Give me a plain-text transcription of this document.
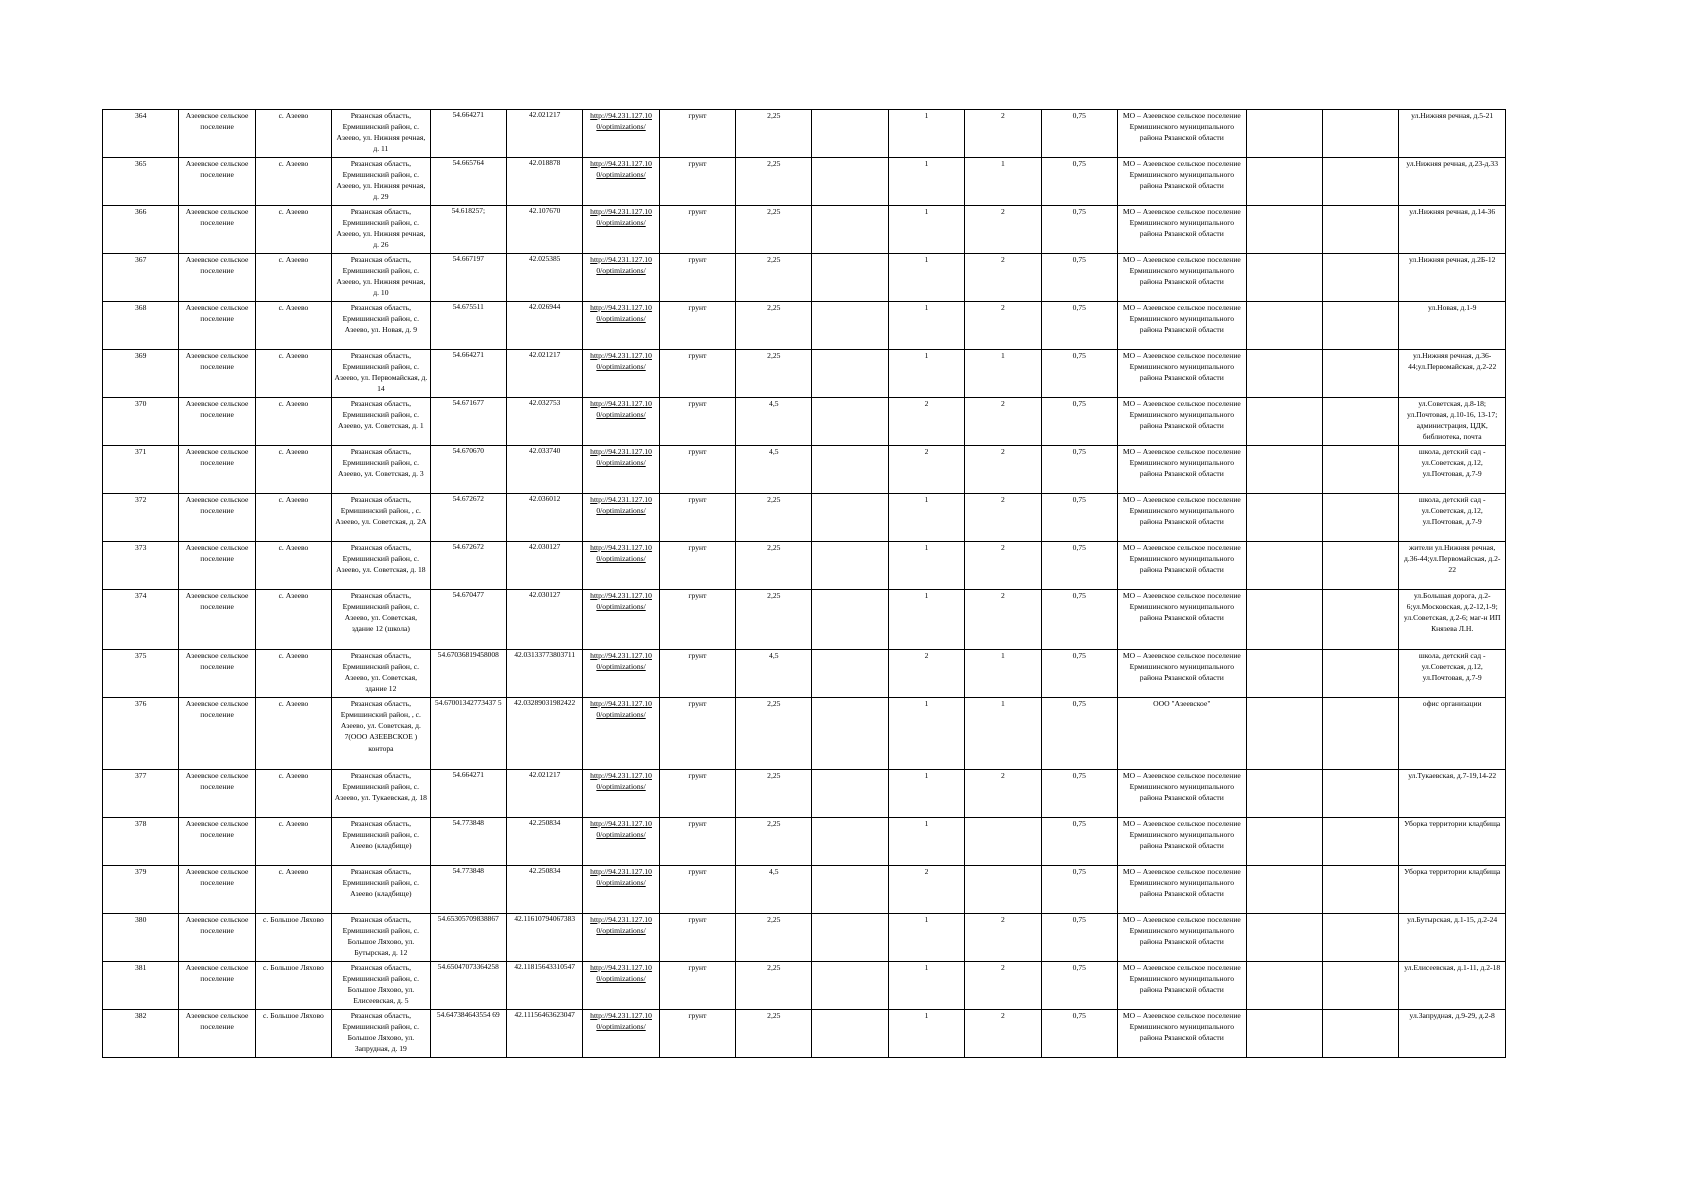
364	Азеевское сельское поселение	с. Азеево	Рязанская область, Ермишинский район, с. Азеево, ул. Нижняя речная, д. 11	54.664271	42.021217	http://94.231.127.10 0/optimizations/	грунт	2,25		1	2	0,75	МО – Азеевское сельское поселение Ермишинского муниципального района Рязанской области			ул.Нижняя речная, д.5-21
365	Азеевское сельское поселение	с. Азеево	Рязанская область, Ермишинский район, с. Азеево, ул. Нижняя речная, д. 29	54.665764	42.018878	http://94.231.127.10 0/optimizations/	грунт	2,25		1	1	0,75	МО – Азеевское сельское поселение Ермишинского муниципального района Рязанской области			ул.Нижняя речная, д.23-д.33
366	Азеевское сельское поселение	с. Азеево	Рязанская область, Ермишинский район, с. Азеево, ул. Нижняя речная, д. 26	54.618257;	42.107670	http://94.231.127.10 0/optimizations/	грунт	2,25		1	2	0,75	МО – Азеевское сельское поселение Ермишинского муниципального района Рязанской области			ул.Нижняя речная, д.14-36
367	Азеевское сельское поселение	с. Азеево	Рязанская область, Ермишинский район, с. Азеево, ул. Нижняя речная, д. 10	54.667197	42.025385	http://94.231.127.10 0/optimizations/	грунт	2,25		1	2	0,75	МО – Азеевское сельское поселение Ермишинского муниципального района Рязанской области			ул.Нижняя речная, д.2Б-12
368	Азеевское сельское поселение	с. Азеево	Рязанская область, Ермишинский район, с. Азеево, ул. Новая, д. 9	54.675511	42.026944	http://94.231.127.10 0/optimizations/	грунт	2,25		1	2	0,75	МО – Азеевское сельское поселение Ермишинского муниципального района Рязанской области			ул.Новая, д.1-9
369	Азеевское сельское поселение	с. Азеево	Рязанская область, Ермишинский район, с. Азеево, ул. Первомайская, д. 14	54.664271	42.021217	http://94.231.127.10 0/optimizations/	грунт	2,25		1	1	0,75	МО – Азеевское сельское поселение Ермишинского муниципального района Рязанской области			ул.Нижняя речная, д.36-44;ул.Первомайская, д.2-22
370	Азеевское сельское поселение	с. Азеево	Рязанская область, Ермишинский район, с. Азеево, ул. Советская, д. 1	54.671677	42.032753	http://94.231.127.10 0/optimizations/	грунт	4,5		2	2	0,75	МО – Азеевское сельское поселение Ермишинского муниципального района Рязанской области			ул.Советская, д.8-18; ул.Почтовая, д.10-16, 13-17; администрация, ЦДК, библиотека, почта
371	Азеевское сельское поселение	с. Азеево	Рязанская область, Ермишинский район, с. Азеево, ул. Советская, д. 3	54.670670	42.033740	http://94.231.127.10 0/optimizations/	грунт	4,5		2	2	0,75	МО – Азеевское сельское поселение Ермишинского муниципального района Рязанской области			школа, детский сад - ул.Советская, д.12, ул.Почтовая, д.7-9
372	Азеевское сельское поселение	с. Азеево	Рязанская область, Ермишинский район, , с. Азеево, ул. Советская, д. 2А	54.672672	42.036012	http://94.231.127.10 0/optimizations/	грунт	2,25		1	2	0,75	МО – Азеевское сельское поселение Ермишинского муниципального района Рязанской области			школа, детский сад - ул.Советская, д.12, ул.Почтовая, д.7-9
373	Азеевское сельское поселение	с. Азеево	Рязанская область, Ермишинский район, с. Азеево, ул. Советская, д. 18	54.672672	42.030127	http://94.231.127.10 0/optimizations/	грунт	2,25		1	2	0,75	МО – Азеевское сельское поселение Ермишинского муниципального района Рязанской области			жители ул.Нижняя речная, д.36-44;ул.Первомайская, д.2-22
374	Азеевское сельское поселение	с. Азеево	Рязанская область, Ермишинский район, с. Азеево, ул. Советская, здание 12 (школа)	54.670477	42.030127	http://94.231.127.10 0/optimizations/	грунт	2,25		1	2	0,75	МО – Азеевское сельское поселение Ермишинского муниципального района Рязанской области			ул.Большая дорога, д.2-6;ул.Московская, д.2-12,1-9; ул.Советская, д.2-6; маг-н ИП Князева Л.Н.
375	Азеевское сельское поселение	с. Азеево	Рязанская область, Ермишинский район, с. Азеево, ул. Советская, здание 12	54.67036819458008	42.03133773803711	http://94.231.127.10 0/optimizations/	грунт	4,5		2	1	0,75	МО – Азеевское сельское поселение Ермишинского муниципального района Рязанской области			школа, детский сад - ул.Советская, д.12, ул.Почтовая, д.7-9
376	Азеевское сельское поселение	с. Азеево	Рязанская область, Ермишинский район, , с. Азеево, ул. Советская, д. 7(ООО АЗЕЕВСКОЕ ) контора	54.67001342773437 5	42.03289031982422	http://94.231.127.10 0/optimizations/	грунт	2,25		1	1	0,75	ООО "Азеевское"			офис организации
377	Азеевское сельское поселение	с. Азеево	Рязанская область, Ермишинский район, с. Азеево, ул. Тукаевская, д. 18	54.664271	42.021217	http://94.231.127.10 0/optimizations/	грунт	2,25		1	2	0,75	МО – Азеевское сельское поселение Ермишинского муниципального района Рязанской области			ул.Тукаевская, д.7-19,14-22
378	Азеевское сельское поселение	с. Азеево	Рязанская область, Ермишинский район, с. Азеево (кладбище)	54.773848	42.250834	http://94.231.127.10 0/optimizations/	грунт	2,25		1		0,75	МО – Азеевское сельское поселение Ермишинского муниципального района Рязанской области			Уборка территории кладбища
379	Азеевское сельское поселение	с. Азеево	Рязанская область, Ермишинский район, с. Азеево (кладбище)	54.773848	42.250834	http://94.231.127.10 0/optimizations/	грунт	4,5		2		0,75	МО – Азеевское сельское поселение Ермишинского муниципального района Рязанской области			Уборка территории кладбища
380	Азеевское сельское поселение	с. Большое Ляхово	Рязанская область, Ермишинский район, с. Большое Ляхово, ул. Бутырская, д. 12	54.65305709838867	42.11610794067383	http://94.231.127.10 0/optimizations/	грунт	2,25		1	2	0,75	МО – Азеевское сельское поселение Ермишинского муниципального района Рязанской области			ул.Бутырская, д.1-15, д.2-24
381	Азеевское сельское поселение	с. Большое Ляхово	Рязанская область, Ермишинский район, с. Большое Ляхово, ул. Елисеевская, д. 5	54.65047073364258	42.11815643310547	http://94.231.127.10 0/optimizations/	грунт	2,25		1	2	0,75	МО – Азеевское сельское поселение Ермишинского муниципального района Рязанской области			ул.Елисеевская, д.1-11, д.2-18
382	Азеевское сельское поселение	с. Большое Ляхово	Рязанская область, Ермишинский район, с. Большое Ляхово, ул. Запрудная, д. 19	54.647384643554 69	42.11156463623047	http://94.231.127.10 0/optimizations/	грунт	2,25		1	2	0,75	МО – Азеевское сельское поселение Ермишинского муниципального района Рязанской области			ул.Запрудная, д.9-29, д.2-8
